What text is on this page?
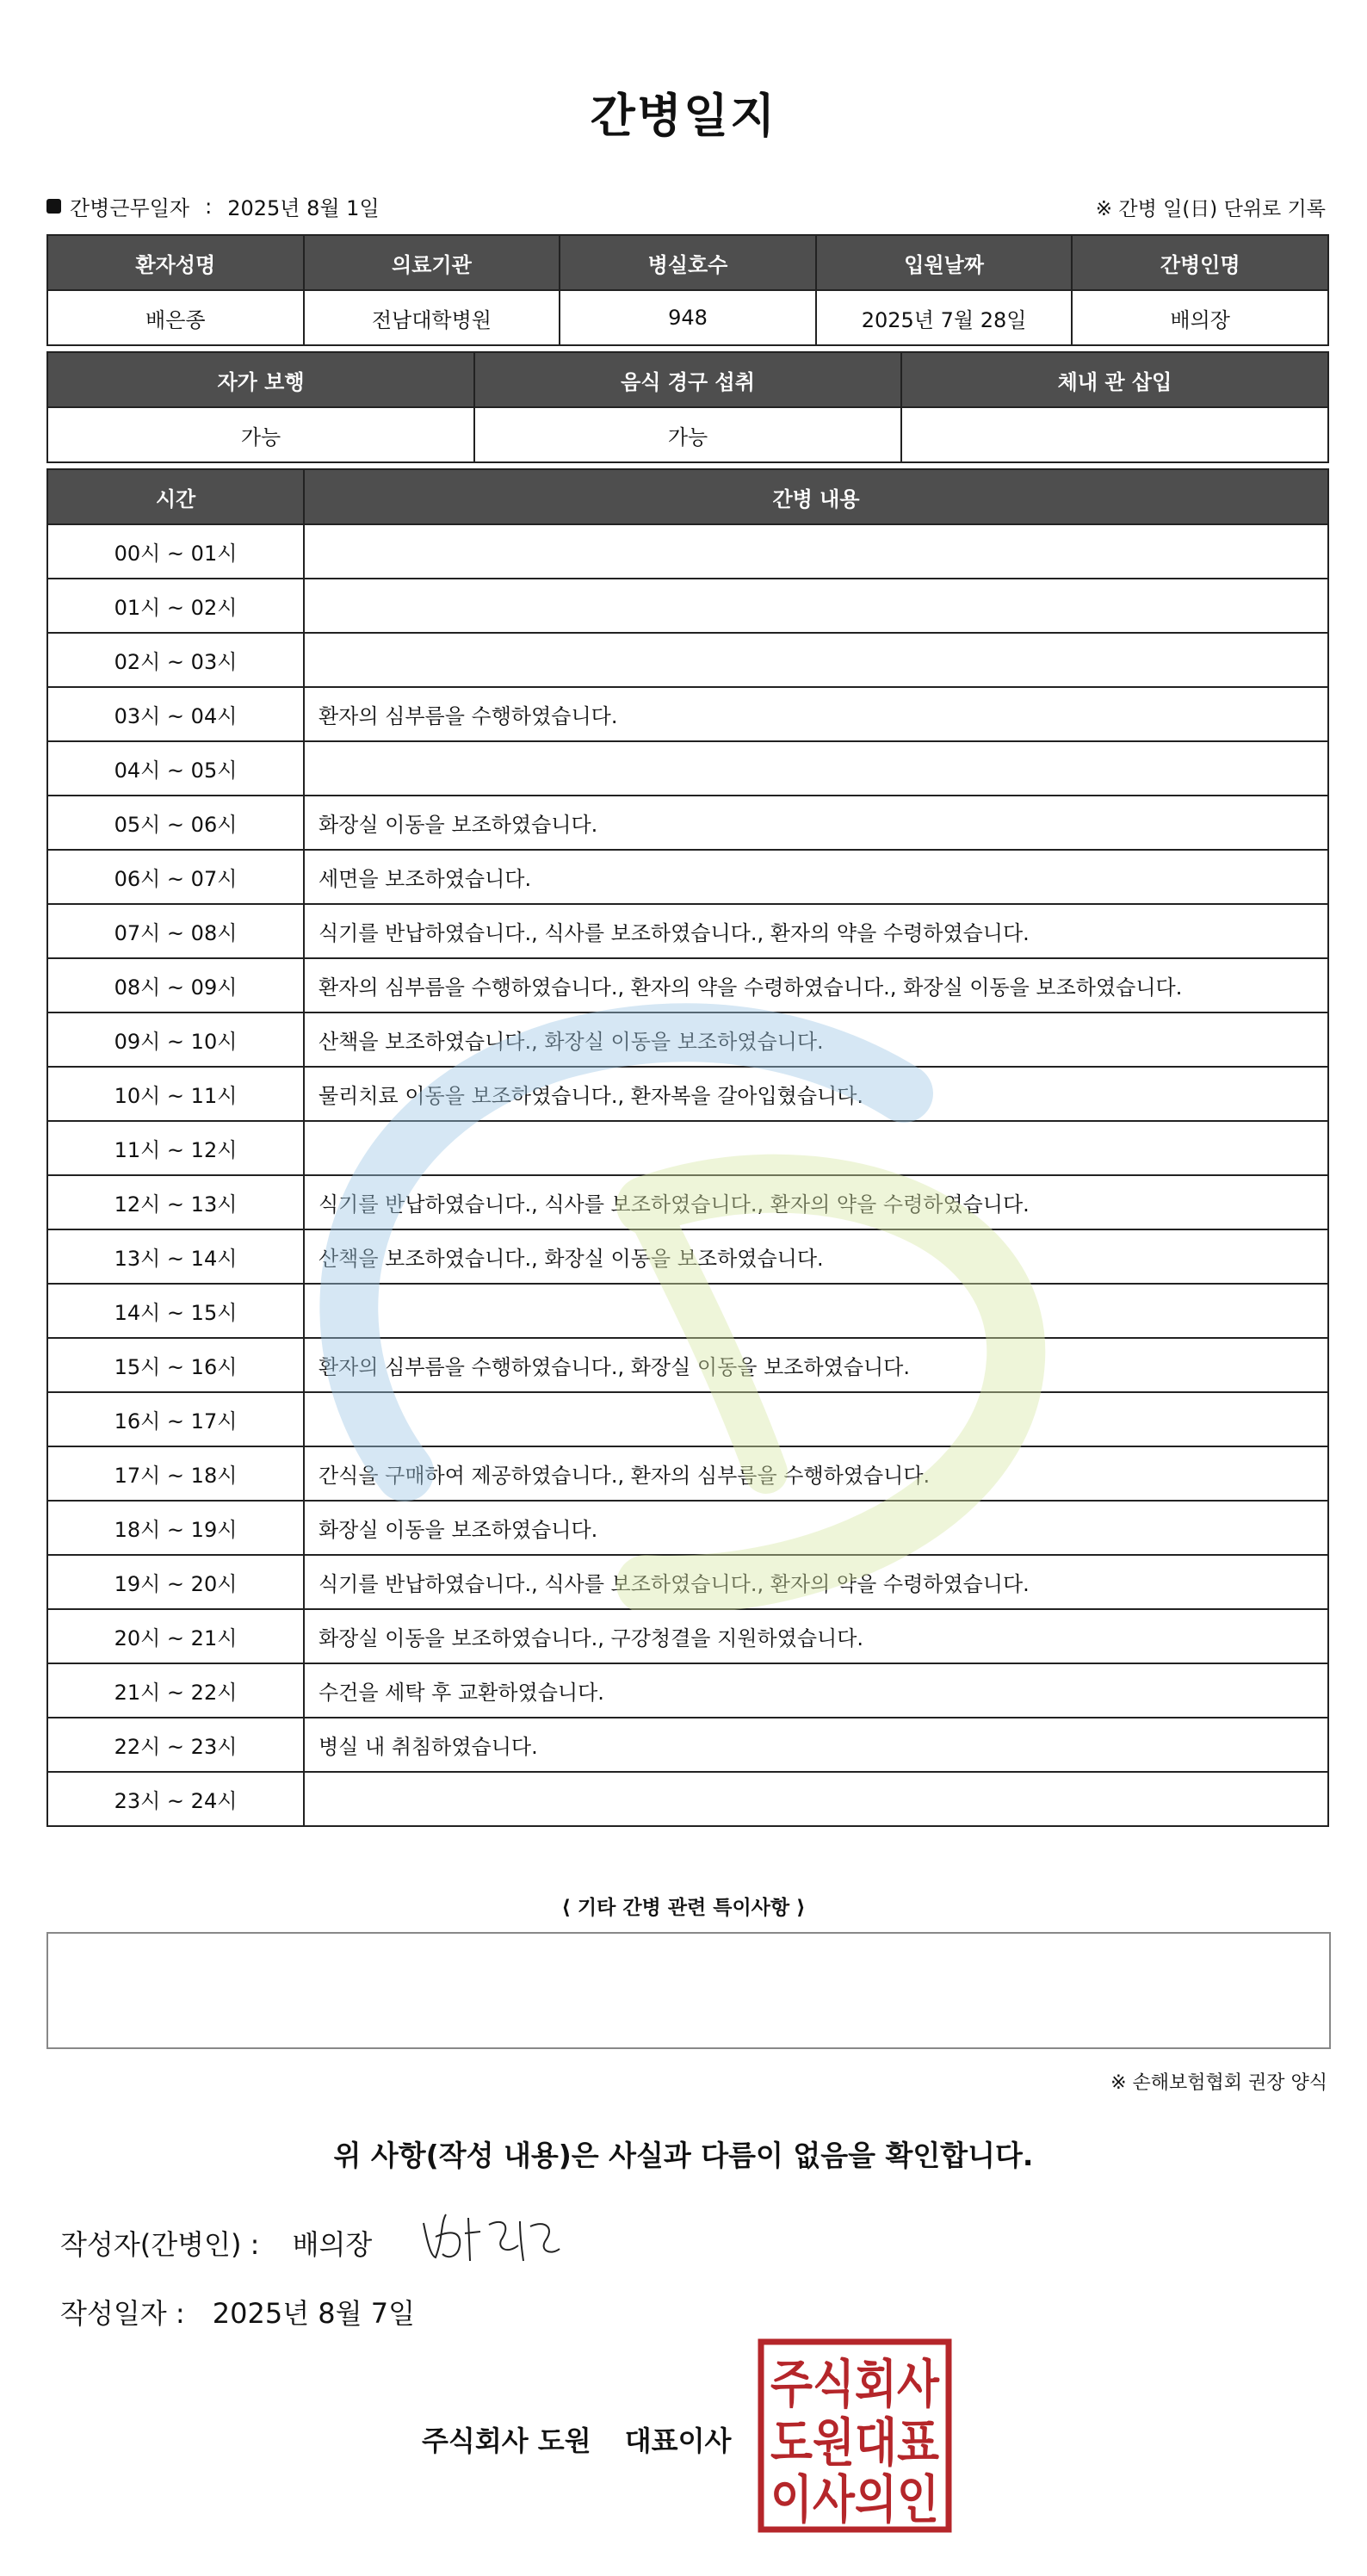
간병일지
간병근무일자 : 2025년 8월 1일	※ 간병 일(日) 단위로 기록
환자성명	의료기관	병실호수	입원날짜	간병인명
배은종	전남대학병원	948	2025년 7월 28일	배의장
자가 보행	음식 경구 섭취	체내 관 삽입
가능	가능	
시간	간병 내용
00시 ~ 01시	
01시 ~ 02시	
02시 ~ 03시	
03시 ~ 04시	환자의 심부름을 수행하였습니다.
04시 ~ 05시	
05시 ~ 06시	화장실 이동을 보조하였습니다.
06시 ~ 07시	세면을 보조하였습니다.
07시 ~ 08시	식기를 반납하였습니다., 식사를 보조하였습니다., 환자의 약을 수령하였습니다.
08시 ~ 09시	환자의 심부름을 수행하였습니다., 환자의 약을 수령하였습니다., 화장실 이동을 보조하였습니다.
09시 ~ 10시	산책을 보조하였습니다., 화장실 이동을 보조하였습니다.
10시 ~ 11시	물리치료 이동을 보조하였습니다., 환자복을 갈아입혔습니다.
11시 ~ 12시	
12시 ~ 13시	식기를 반납하였습니다., 식사를 보조하였습니다., 환자의 약을 수령하였습니다.
13시 ~ 14시	산책을 보조하였습니다., 화장실 이동을 보조하였습니다.
14시 ~ 15시	
15시 ~ 16시	환자의 심부름을 수행하였습니다., 화장실 이동을 보조하였습니다.
16시 ~ 17시	
17시 ~ 18시	간식을 구매하여 제공하였습니다., 환자의 심부름을 수행하였습니다.
18시 ~ 19시	화장실 이동을 보조하였습니다.
19시 ~ 20시	식기를 반납하였습니다., 식사를 보조하였습니다., 환자의 약을 수령하였습니다.
20시 ~ 21시	화장실 이동을 보조하였습니다., 구강청결을 지원하였습니다.
21시 ~ 22시	수건을 세탁 후 교환하였습니다.
22시 ~ 23시	병실 내 취침하였습니다.
23시 ~ 24시	
⟨ 기타 간병 관련 특이사항 ⟩
※ 손해보험협회 권장 양식
위 사항(작성 내용)은 사실과 다름이 없음을 확인합니다.
작성자(간병인) : 배의장
작성일자 : 2025년 8월 7일
주식회사 도원 대표이사
주식회사
도원대표
이사의인
